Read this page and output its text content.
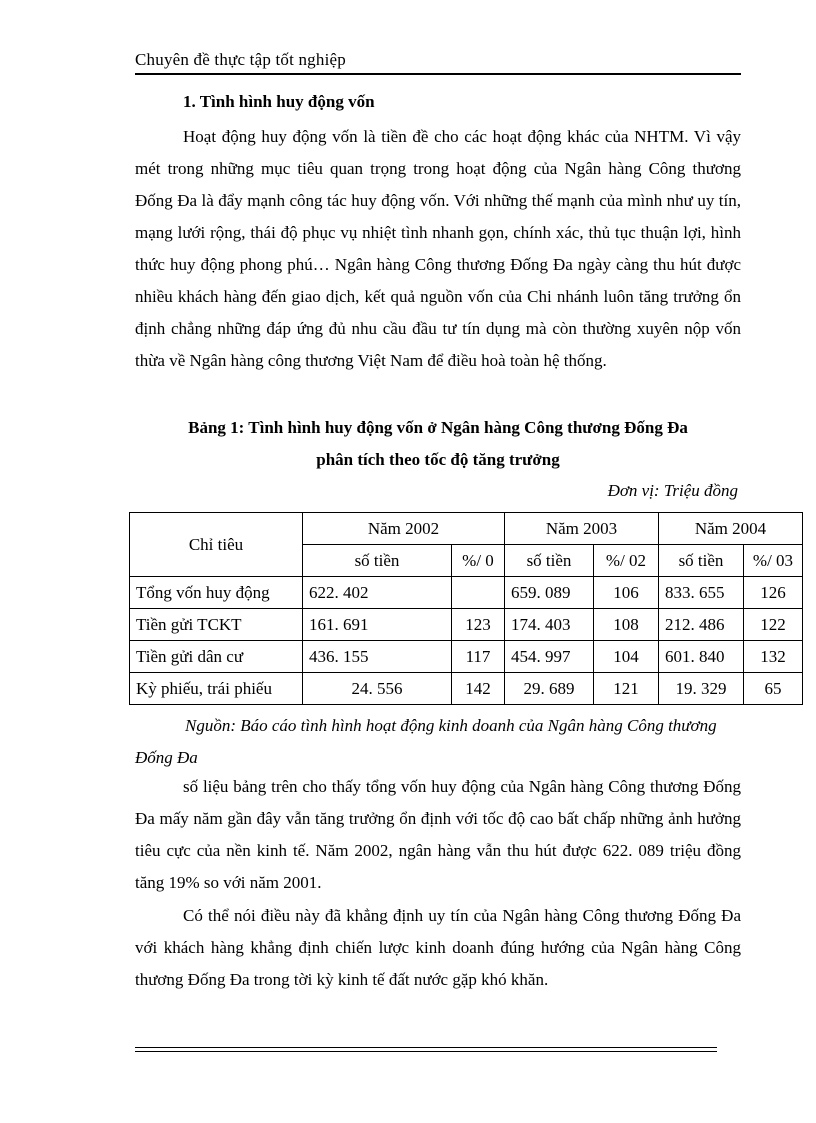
Chuyên đề thực tập tốt nghiệp
1. Tình hình huy động vốn
Hoạt động huy động vốn là tiền đề cho các hoạt động khác của NHTM. Vì vậy mét trong những mục tiêu quan trọng trong hoạt động của Ngân hàng Công thương Đống Đa là đẩy mạnh công tác huy động vốn. Với những thế mạnh của mình như uy tín, mạng lưới rộng, thái độ phục vụ nhiệt tình nhanh gọn, chính xác, thủ tục thuận lợi, hình thức huy động phong phú… Ngân hàng Công thương Đống Đa ngày càng thu hút được nhiều khách hàng đến giao dịch, kết quả nguồn vốn của Chi nhánh luôn tăng trưởng ổn định chẳng những đáp ứng đủ nhu cầu đầu tư tín dụng mà còn thường xuyên nộp vốn thừa về Ngân hàng công thương Việt Nam để điều hoà toàn hệ thống.
Bảng 1: Tình hình huy động vốn ở Ngân hàng Công thương Đống Đa
phân tích theo tốc độ tăng trưởng
Đơn vị: Triệu đồng
Chỉ tiêu	Năm 2002		Năm 2003		Năm 2004	
	số tiền	%/ 0	số tiền	%/ 02	số tiền	%/ 03
Tổng vốn huy động	622. 402		659. 089	106	833. 655	126
Tiền gửi TCKT	161. 691	123	174. 403	108	212. 486	122
Tiền gửi dân cư	436. 155	117	454. 997	104	601. 840	132
Kỳ phiếu, trái phiếu	24. 556	142	29. 689	121	19. 329	65
Nguồn: Báo cáo tình hình hoạt động kinh doanh của Ngân hàng Công thương Đống Đa
số liệu bảng trên cho thấy tổng vốn huy động của Ngân hàng Công thương Đống Đa mấy năm gần đây vẫn tăng trưởng ổn định với tốc độ cao bất chấp những ảnh hưởng tiêu cực của nền kinh tế. Năm 2002, ngân hàng vẫn thu hút được 622. 089 triệu đồng tăng 19% so với năm 2001.
Có thể nói điều này đã khẳng định uy tín của Ngân hàng Công thương Đống Đa với khách hàng khẳng định chiến lược kinh doanh đúng hướng của Ngân hàng Công thương Đống Đa trong tời kỳ kinh tế đất nước gặp khó khăn.
